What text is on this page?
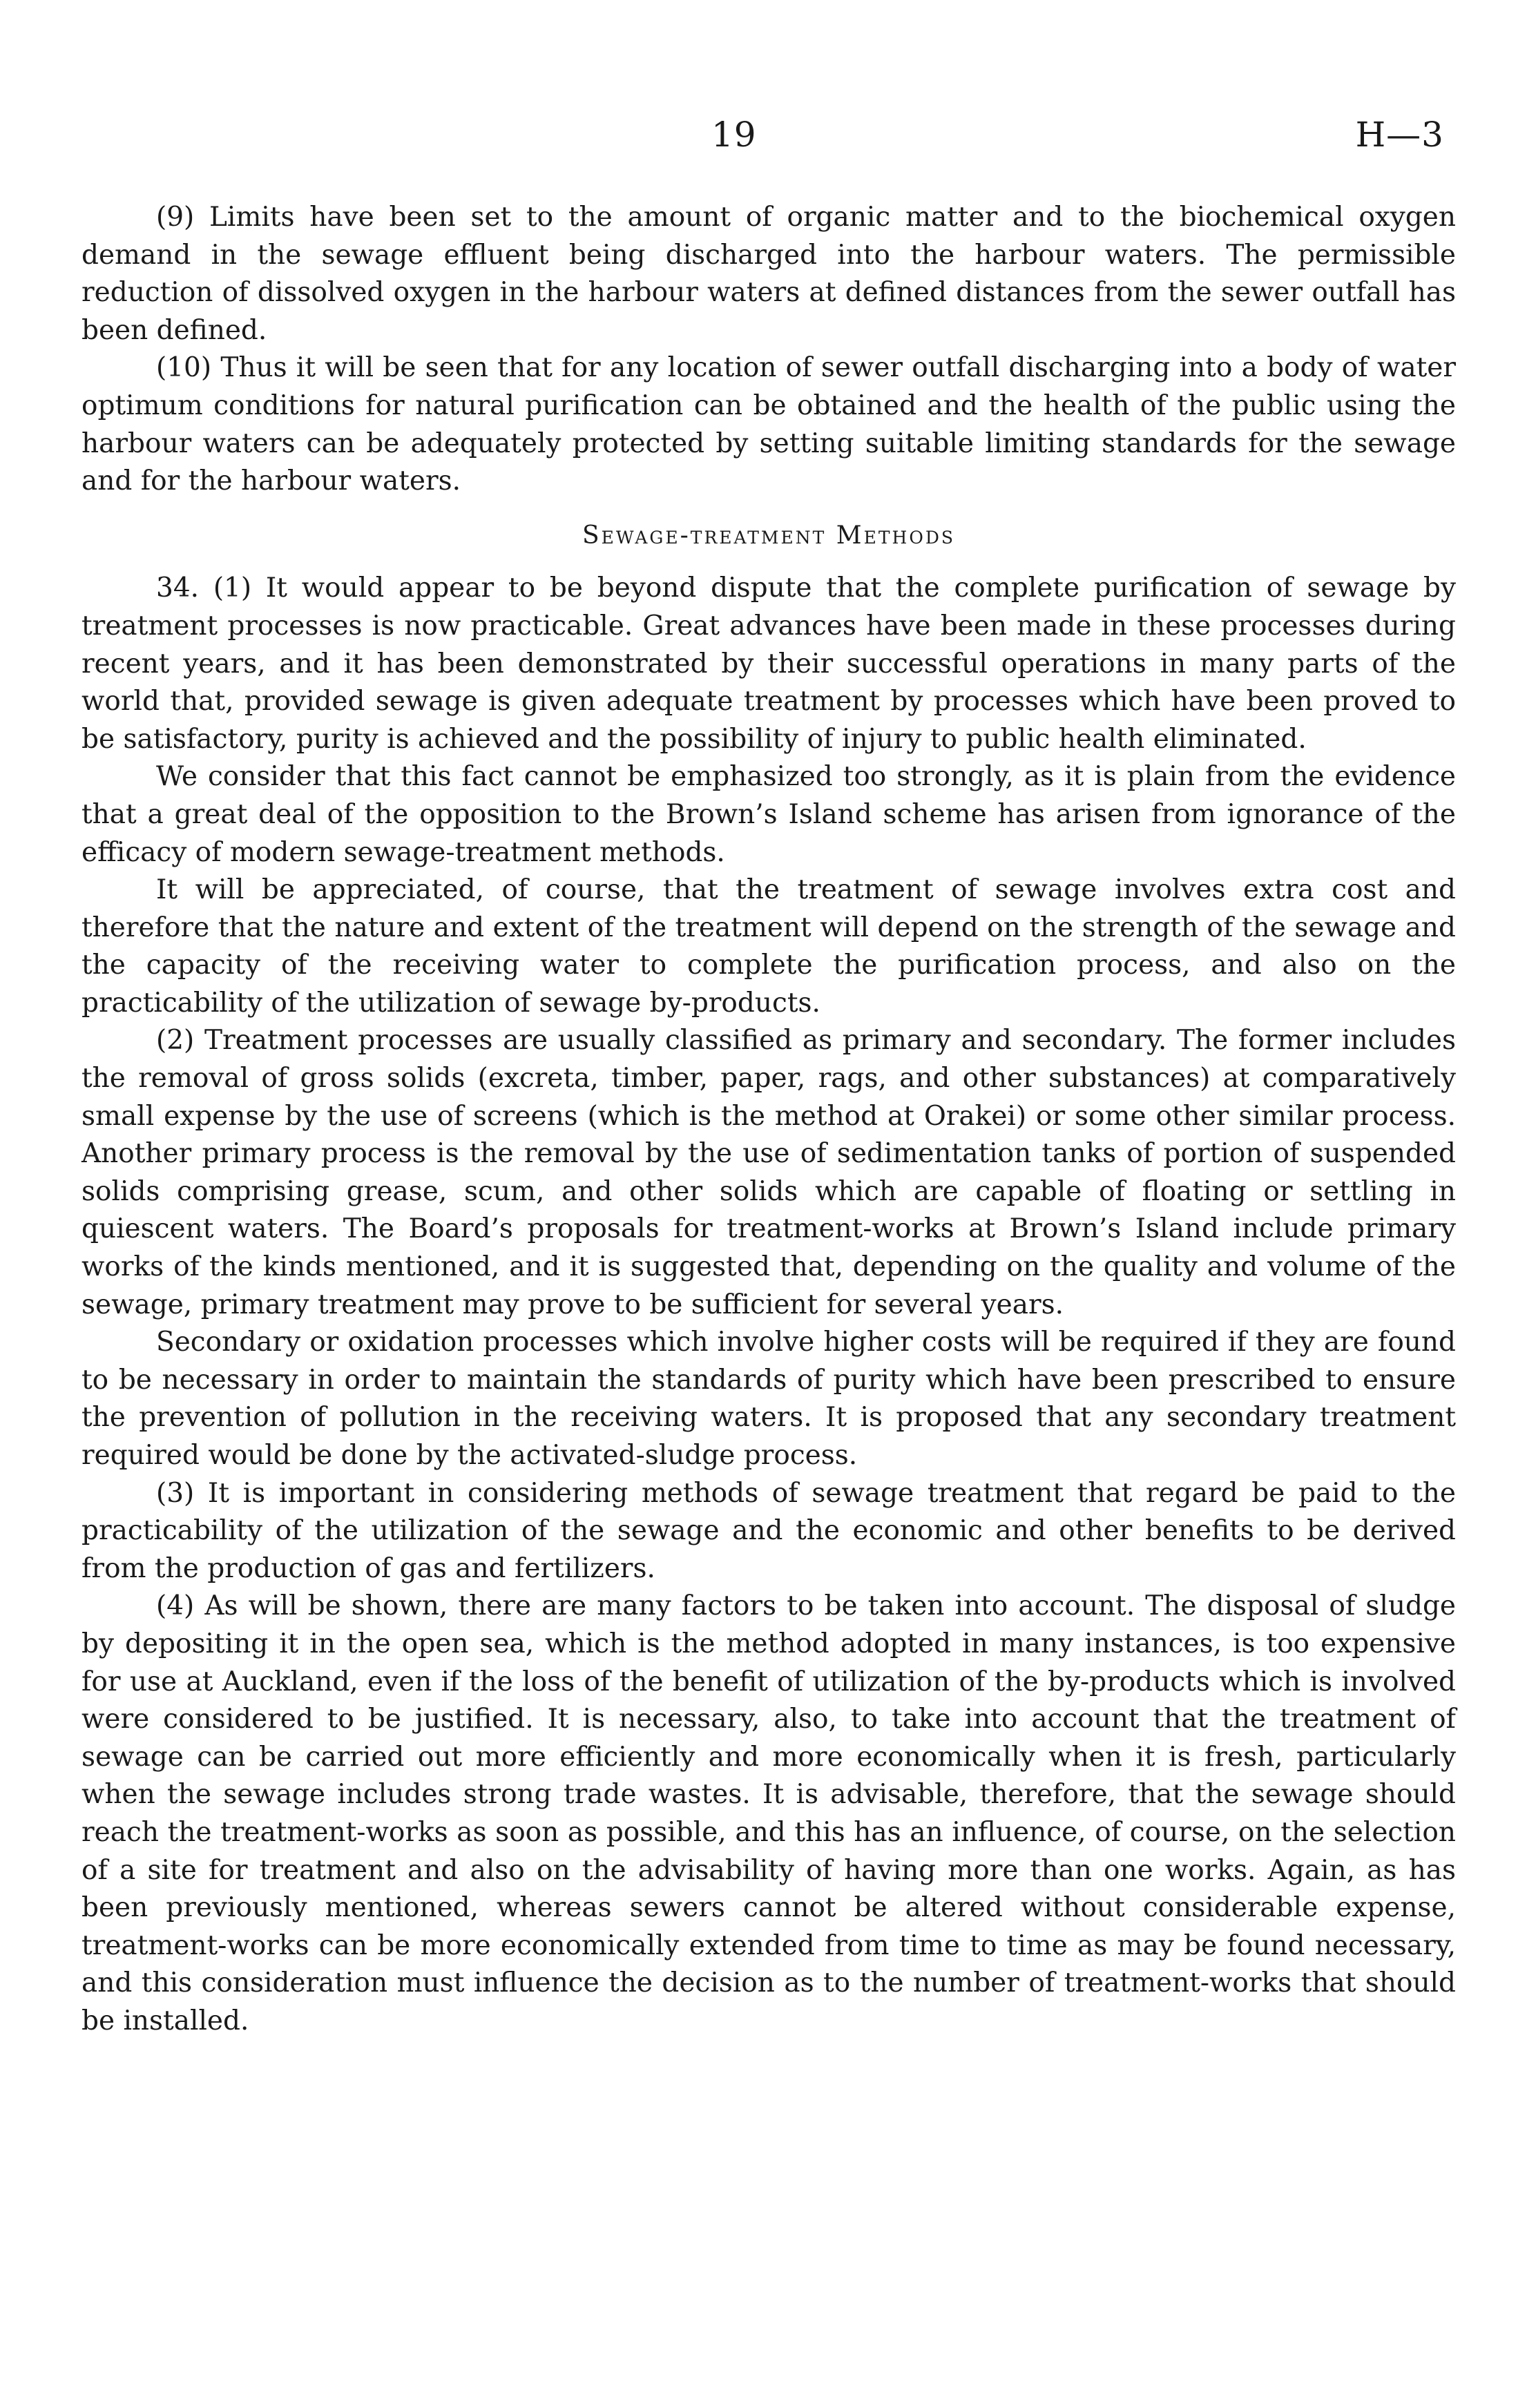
19	H—3

(9) Limits have been set to the amount of organic matter and to the biochemical oxygen demand in the sewage effluent being discharged into the harbour waters. The permissible reduction of dissolved oxygen in the harbour waters at defined distances from the sewer outfall has been defined.

(10) Thus it will be seen that for any location of sewer outfall discharging into a body of water optimum conditions for natural purification can be obtained and the health of the public using the harbour waters can be adequately protected by setting suitable limiting standards for the sewage and for the harbour waters.

Sewage-treatment Methods

34. (1) It would appear to be beyond dispute that the complete purification of sewage by treatment processes is now practicable. Great advances have been made in these processes during recent years, and it has been demonstrated by their successful operations in many parts of the world that, provided sewage is given adequate treatment by processes which have been proved to be satisfactory, purity is achieved and the possibility of injury to public health eliminated.

We consider that this fact cannot be emphasized too strongly, as it is plain from the evidence that a great deal of the opposition to the Brown’s Island scheme has arisen from ignorance of the efficacy of modern sewage-treatment methods.

It will be appreciated, of course, that the treatment of sewage involves extra cost and therefore that the nature and extent of the treatment will depend on the strength of the sewage and the capacity of the receiving water to complete the purification process, and also on the practicability of the utilization of sewage by-products.

(2) Treatment processes are usually classified as primary and secondary. The former includes the removal of gross solids (excreta, timber, paper, rags, and other substances) at comparatively small expense by the use of screens (which is the method at Orakei) or some other similar process. Another primary process is the removal by the use of sedimentation tanks of portion of suspended solids comprising grease, scum, and other solids which are capable of floating or settling in quiescent waters. The Board’s proposals for treatment-works at Brown’s Island include primary works of the kinds mentioned, and it is suggested that, depending on the quality and volume of the sewage, primary treatment may prove to be sufficient for several years.

Secondary or oxidation processes which involve higher costs will be required if they are found to be necessary in order to maintain the standards of purity which have been prescribed to ensure the prevention of pollution in the receiving waters. It is proposed that any secondary treatment required would be done by the activated-sludge process.

(3) It is important in considering methods of sewage treatment that regard be paid to the practicability of the utilization of the sewage and the economic and other benefits to be derived from the production of gas and fertilizers.

(4) As will be shown, there are many factors to be taken into account. The disposal of sludge by depositing it in the open sea, which is the method adopted in many instances, is too expensive for use at Auckland, even if the loss of the benefit of utilization of the by-products which is involved were considered to be justified. It is necessary, also, to take into account that the treatment of sewage can be carried out more efficiently and more economically when it is fresh, particularly when the sewage includes strong trade wastes. It is advisable, therefore, that the sewage should reach the treatment-works as soon as possible, and this has an influence, of course, on the selection of a site for treatment and also on the advisability of having more than one works. Again, as has been previously mentioned, whereas sewers cannot be altered without considerable expense, treatment-works can be more economically extended from time to time as may be found necessary, and this consideration must influence the decision as to the number of treatment-works that should be installed.
